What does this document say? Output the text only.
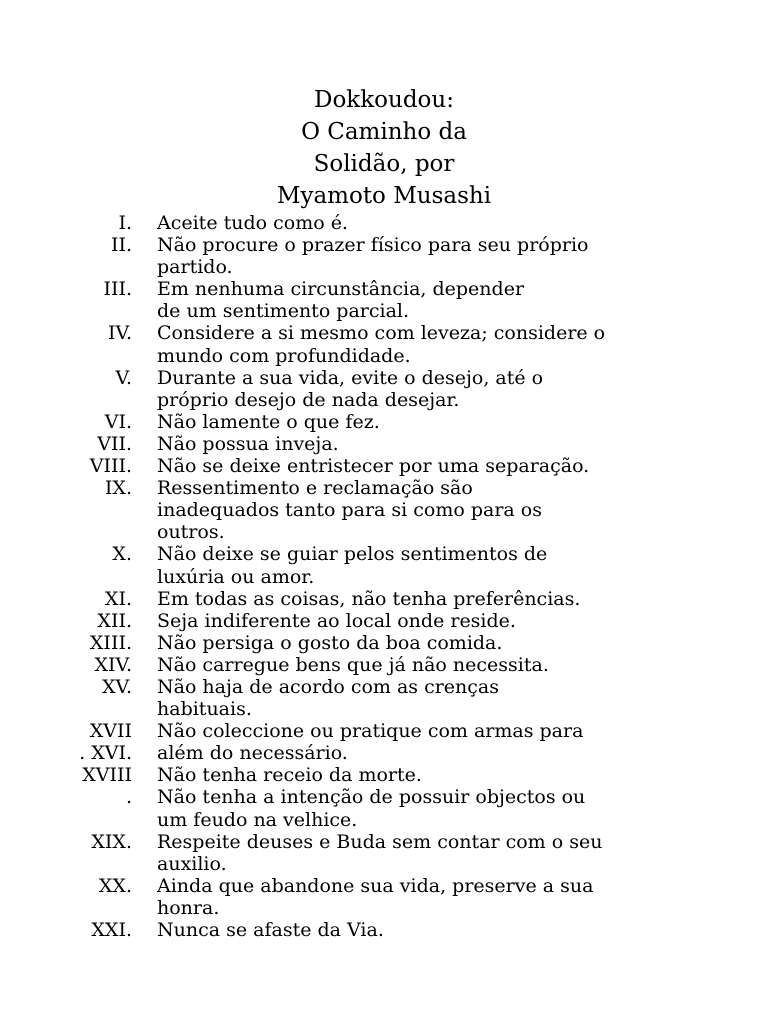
Dokkoudou:
O Caminho da
Solidão, por
Myamoto Musashi
I. Aceite tudo como é.
II. Não procure o prazer físico para seu próprio
partido.
III. Em nenhuma circunstância, depender
de um sentimento parcial.
IV. Considere a si mesmo com leveza; considere o
mundo com profundidade.
V. Durante a sua vida, evite o desejo, até o
próprio desejo de nada desejar.
VI. Não lamente o que fez.
VII. Não possua inveja.
VIII. Não se deixe entristecer por uma separação.
IX. Ressentimento e reclamação são
inadequados tanto para si como para os
outros.
X. Não deixe se guiar pelos sentimentos de
luxúria ou amor.
XI. Em todas as coisas, não tenha preferências.
XII. Seja indiferente ao local onde reside.
XIII. Não persiga o gosto da boa comida.
XIV. Não carregue bens que já não necessita.
XV. Não haja de acordo com as crenças
habituais.
XVII
. XVI.
XVIII
.
Não coleccione ou pratique com armas para
além do necessário.
Não tenha receio da morte.
Não tenha a intenção de possuir objectos ou
um feudo na velhice.
XIX. Respeite deuses e Buda sem contar com o seu
auxilio.
XX. Ainda que abandone sua vida, preserve a sua
honra.
XXI. Nunca se afaste da Via.
